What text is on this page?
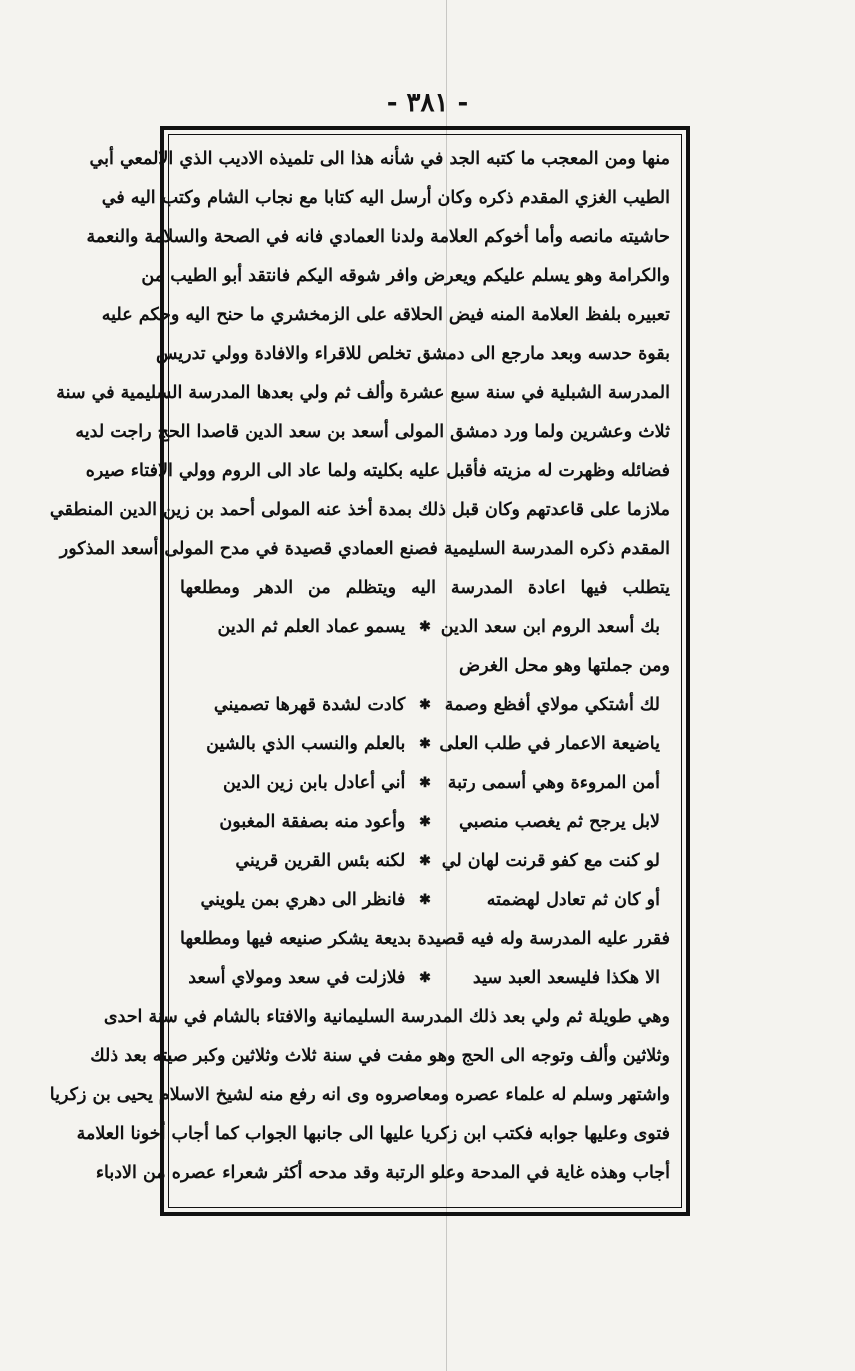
- ٣٨١ -
منها ومن المعجب ما كتبه الجد في شأنه هذا الى تلميذه الاديب الذي الالمعي أبي
الطيب الغزي المقدم ذكره وكان أرسل اليه كتابا مع نجاب الشام وكتب اليه في
حاشيته مانصه وأما أخوكم العلامة ولدنا العمادي فانه في الصحة والسلامة والنعمة
والكرامة وهو يسلم عليكم ويعرض وافر شوقه اليكم فانتقد أبو الطيب من
تعبيره بلفظ العلامة المنه فيض الحلاقه على الزمخشري ما حنح اليه وحكم عليه
بقوة حدسه وبعد مارجع الى دمشق تخلص للاقراء والافادة وولي تدريس
المدرسة الشبلية في سنة سبع عشرة وألف ثم ولي بعدها المدرسة السليمية في سنة
ثلاث وعشرين ولما ورد دمشق المولى أسعد بن سعد الدين قاصدا الحج راجت لديه
فضائله وظهرت له مزيته فأقبل عليه بكليته ولما عاد الى الروم وولي الافتاء صيره
ملازما على قاعدتهم وكان قبل ذلك بمدة أخذ عنه المولى أحمد بن زين الدين المنطقي
المقدم ذكره المدرسة السليمية فصنع العمادي قصيدة في مدح المولى أسعد المذكور
يتطلب فيها اعادة المدرسة اليه ويتظلم من الدهر ومطلعها
بك أسعد الروم ابن سعد الدين
✱
يسمو عماد العلم ثم الدين
ومن جملتها وهو محل الغرض
لك أشتكي مولاي أفظع وصمة
✱
كادت لشدة قهرها تصميني
ياضيعة الاعمار في طلب العلى
✱
بالعلم والنسب الذي بالشين
أمن المروءة وهي أسمى رتبة
✱
أني أعادل بابن زين الدين
لابل يرجح ثم يغصب منصبي
✱
وأعود منه بصفقة المغبون
لو كنت مع كفو قرنت لهان لي
✱
لكنه بئس القرين قريني
أو كان ثم تعادل لهضمته
✱
فانظر الى دهري بمن يلويني
فقرر عليه المدرسة وله فيه قصيدة بديعة يشكر صنيعه فيها ومطلعها
الا هكذا فليسعد العبد سيد
✱
فلازلت في سعد ومولاي أسعد
وهي طويلة ثم ولي بعد ذلك المدرسة السليمانية والافتاء بالشام في سنة احدى
وثلاثين وألف وتوجه الى الحج وهو مفت في سنة ثلاث وثلاثين وكبر صيته بعد ذلك
واشتهر وسلم له علماء عصره ومعاصروه وى انه رفع منه لشيخ الاسلام يحيى بن زكريا
فتوى وعليها جوابه فكتب ابن زكريا عليها الى جانبها الجواب كما أجاب أخونا العلامة
أجاب وهذه غاية في المدحة وعلو الرتبة وقد مدحه أكثر شعراء عصره من الادباء
